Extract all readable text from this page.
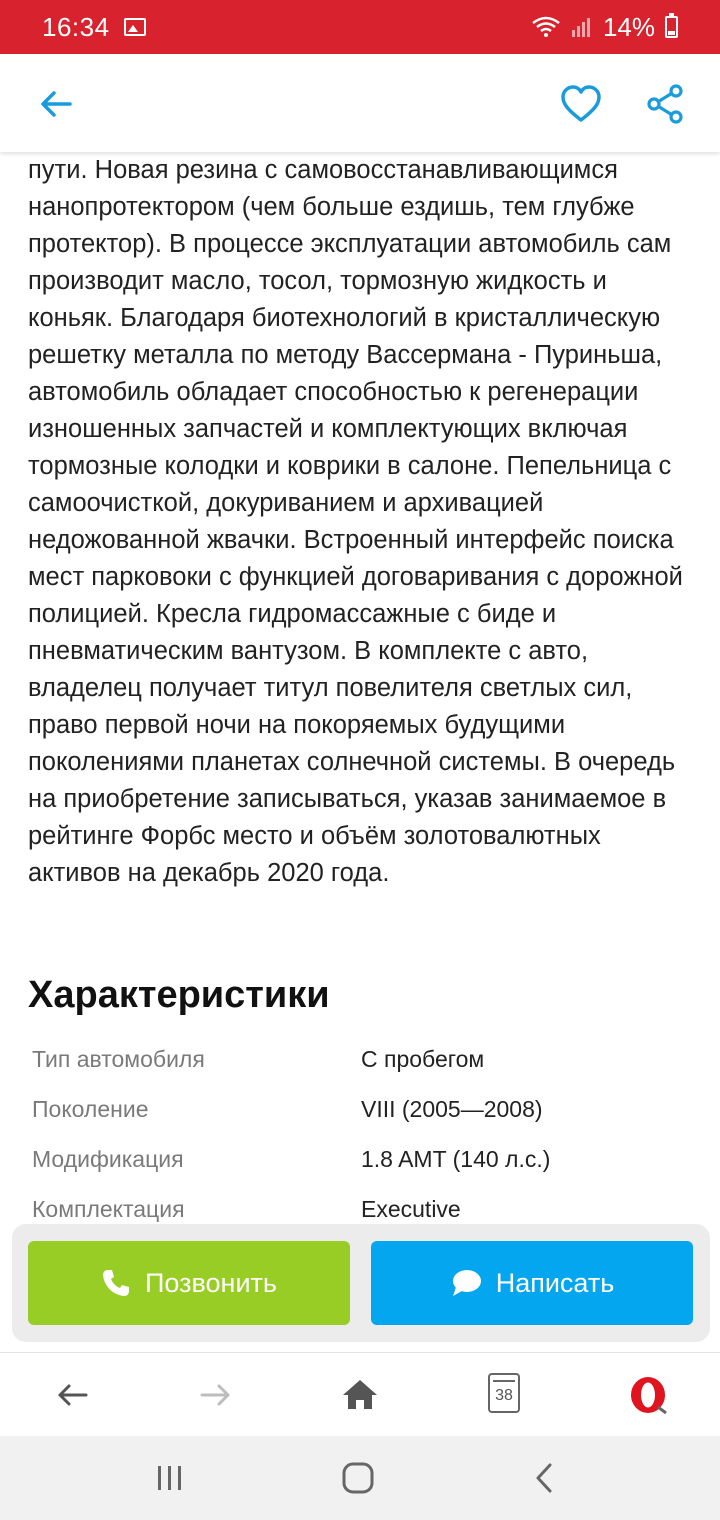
16:34	14%

пути. Новая резина с самовосстанавливающимся нанопротектором (чем больше ездишь, тем глубже протектор). В процессе эксплуатации автомобиль сам производит масло, тосол, тормозную жидкость и коньяк. Благодаря биотехнологий в кристаллическую решетку металла по методу Вассермана - Пуриньша, автомобиль обладает способностью к регенерации изношенных запчастей и комплектующих включая тормозные колодки и коврики в салоне. Пепельница с самоочисткой, докуриванием и архивацией недожованной жвачки. Встроенный интерфейс поиска мест парковоки с функцией договаривания с дорожной полицией. Кресла гидромассажные с биде и пневматическим вантузом. В комплекте с авто, владелец получает титул повелителя светлых сил, право первой ночи на покоряемых будущими поколениями планетах солнечной системы. В очередь на приобретение записываться, указав занимаемое в рейтинге Форбс место и объём золотовалютных активов на декабрь 2020 года.

Характеристики
Тип автомобиля	С пробегом
Поколение	VIII (2005—2008)
Модификация	1.8 AMT (140 л.с.)
Комплектация	Executive
Позвонить	Написать
38
